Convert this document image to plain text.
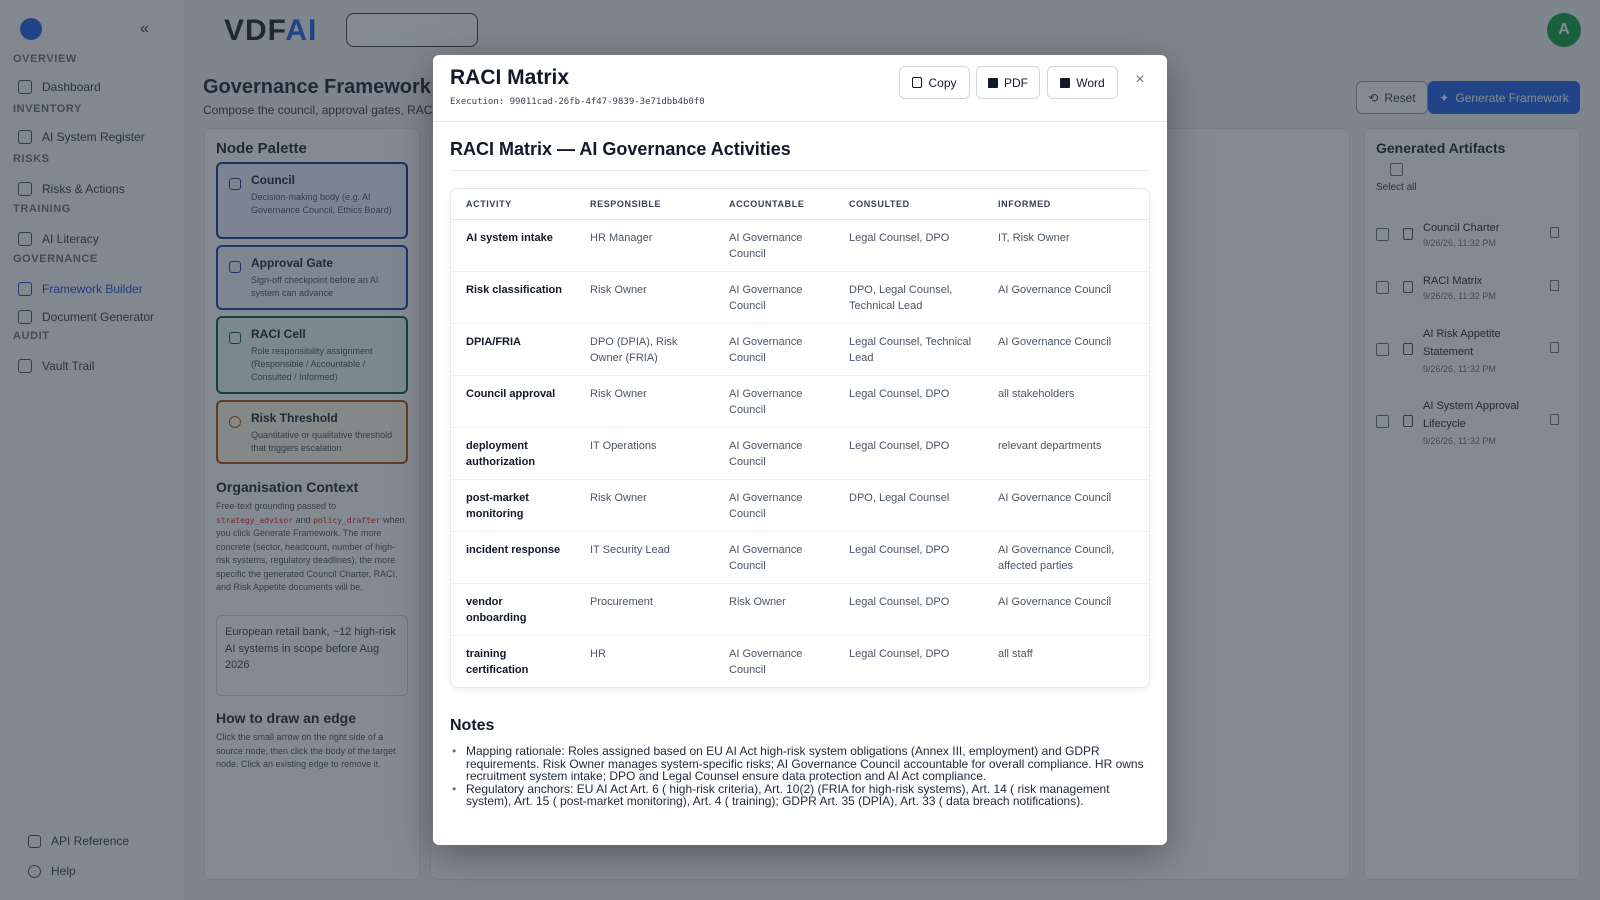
RACI Matrix
Execution: 99011cad-26fb-4f47-9839-3e71dbb4b0f0
Copy	PDF	Word	×
RACI Matrix — AI Governance Activities
ACTIVITY	RESPONSIBLE	ACCOUNTABLE	CONSULTED	INFORMED
AI system intake	HR Manager	AI Governance Council	Legal Counsel, DPO	IT, Risk Owner
Risk classification	Risk Owner	AI Governance Council	DPO, Legal Counsel, Technical Lead	AI Governance Council
DPIA/FRIA	DPO (DPIA), Risk Owner (FRIA)	AI Governance Council	Legal Counsel, Technical Lead	AI Governance Council
Council approval	Risk Owner	AI Governance Council	Legal Counsel, DPO	all stakeholders
deployment authorization	IT Operations	AI Governance Council	Legal Counsel, DPO	relevant departments
post-market monitoring	Risk Owner	AI Governance Council	DPO, Legal Counsel	AI Governance Council
incident response	IT Security Lead	AI Governance Council	Legal Counsel, DPO	AI Governance Council, affected parties
vendor onboarding	Procurement	Risk Owner	Legal Counsel, DPO	AI Governance Council
training certification	HR	AI Governance Council	Legal Counsel, DPO	all staff
Notes
• Mapping rationale: Roles assigned based on EU AI Act high-risk system obligations (Annex III, employment) and GDPR requirements. Risk Owner manages system-specific risks; AI Governance Council accountable for overall compliance. HR owns recruitment system intake; DPO and Legal Counsel ensure data protection and AI Act compliance.
• Regulatory anchors: EU AI Act Art. 6 ( high-risk criteria), Art. 10(2) (FRIA for high-risk systems), Art. 14 ( risk management system), Art. 15 ( post-market monitoring), Art. 4 ( training); GDPR Art. 35 (DPIA), Art. 33 ( data breach notifications).
